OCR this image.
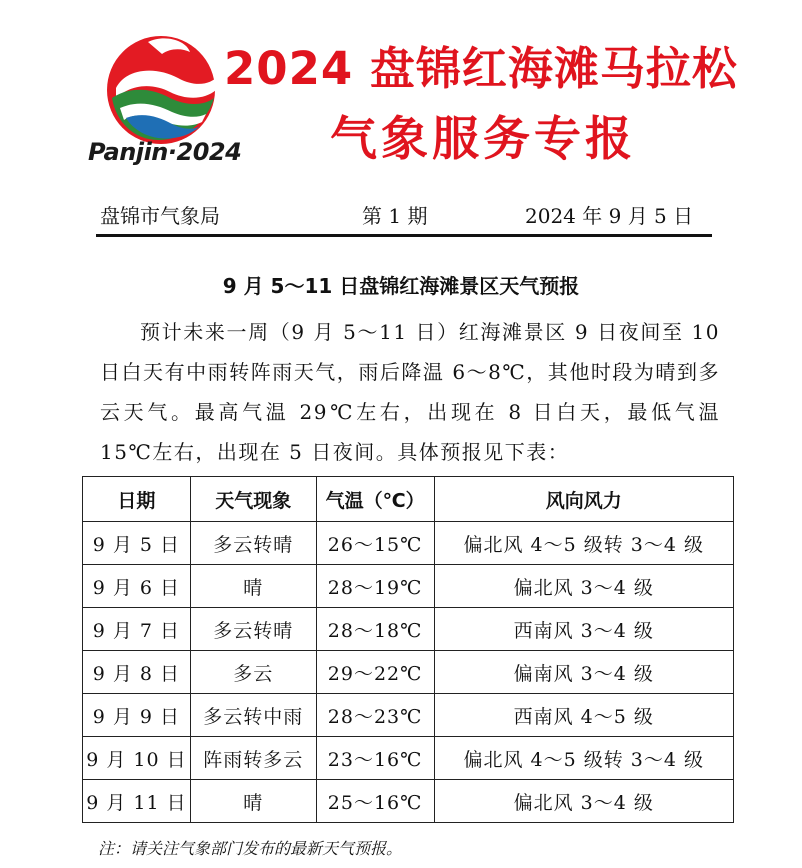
Panjin·2024
2024 盘锦红海滩马拉松
气象服务专报
盘锦市气象局	第 1 期	2024 年 9 月 5 日
9 月 5～11 日盘锦红海滩景区天气预报
预计未来一周（9 月 5～11 日）红海滩景区 9 日夜间至 10 日白天有中雨转阵雨天气，雨后降温 6～8℃，其他时段为晴到多云天气。最高气温 29℃左右，出现在 8 日白天，最低气温 15℃左右，出现在 5 日夜间。具体预报见下表：
日期	天气现象	气温（℃）	风向风力
9 月 5 日	多云转晴	26～15℃	偏北风 4～5 级转 3～4 级
9 月 6 日	晴	28～19℃	偏北风 3～4 级
9 月 7 日	多云转晴	28～18℃	西南风 3～4 级
9 月 8 日	多云	29～22℃	偏南风 3～4 级
9 月 9 日	多云转中雨	28～23℃	西南风 4～5 级
9 月 10 日	阵雨转多云	23～16℃	偏北风 4～5 级转 3～4 级
9 月 11 日	晴	25～16℃	偏北风 3～4 级
注：请关注气象部门发布的最新天气预报。
